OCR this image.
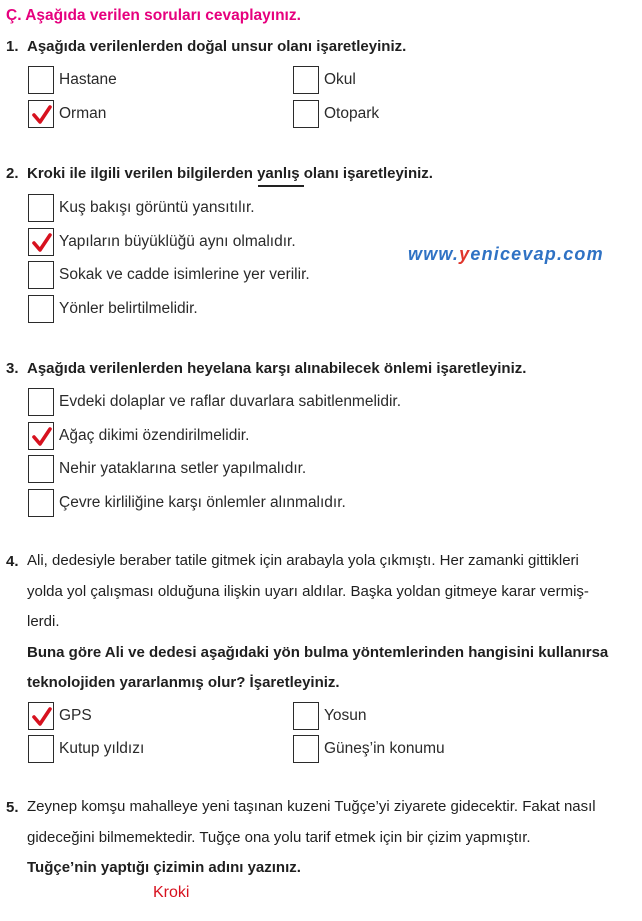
Ç. Aşağıda verilen soruları cevaplayınız.
1. Aşağıda verilenlerden doğal unsur olanı işaretleyiniz.
Hastane	Okul
Orman	Otopark
2. Kroki ile ilgili verilen bilgilerden yanlış olanı işaretleyiniz.
Kuş bakışı görüntü yansıtılır.
Yapıların büyüklüğü aynı olmalıdır.
Sokak ve cadde isimlerine yer verilir.
Yönler belirtilmelidir.
www.yenicevap.com
3. Aşağıda verilenlerden heyelana karşı alınabilecek önlemi işaretleyiniz.
Evdeki dolaplar ve raflar duvarlara sabitlenmelidir.
Ağaç dikimi özendirilmelidir.
Nehir yataklarına setler yapılmalıdır.
Çevre kirliliğine karşı önlemler alınmalıdır.
4. Ali, dedesiyle beraber tatile gitmek için arabayla yola çıkmıştı. Her zamanki gittikleri
yolda yol çalışması olduğuna ilişkin uyarı aldılar. Başka yoldan gitmeye karar vermiş-
lerdi.
Buna göre Ali ve dedesi aşağıdaki yön bulma yöntemlerinden hangisini kullanırsa
teknolojiden yararlanmış olur? İşaretleyiniz.
GPS	Yosun
Kutup yıldızı	Güneş’in konumu
5. Zeynep komşu mahalleye yeni taşınan kuzeni Tuğçe’yi ziyarete gidecektir. Fakat nasıl
gideceğini bilmemektedir. Tuğçe ona yolu tarif etmek için bir çizim yapmıştır.
Tuğçe’nin yaptığı çizimin adını yazınız.
Kroki
